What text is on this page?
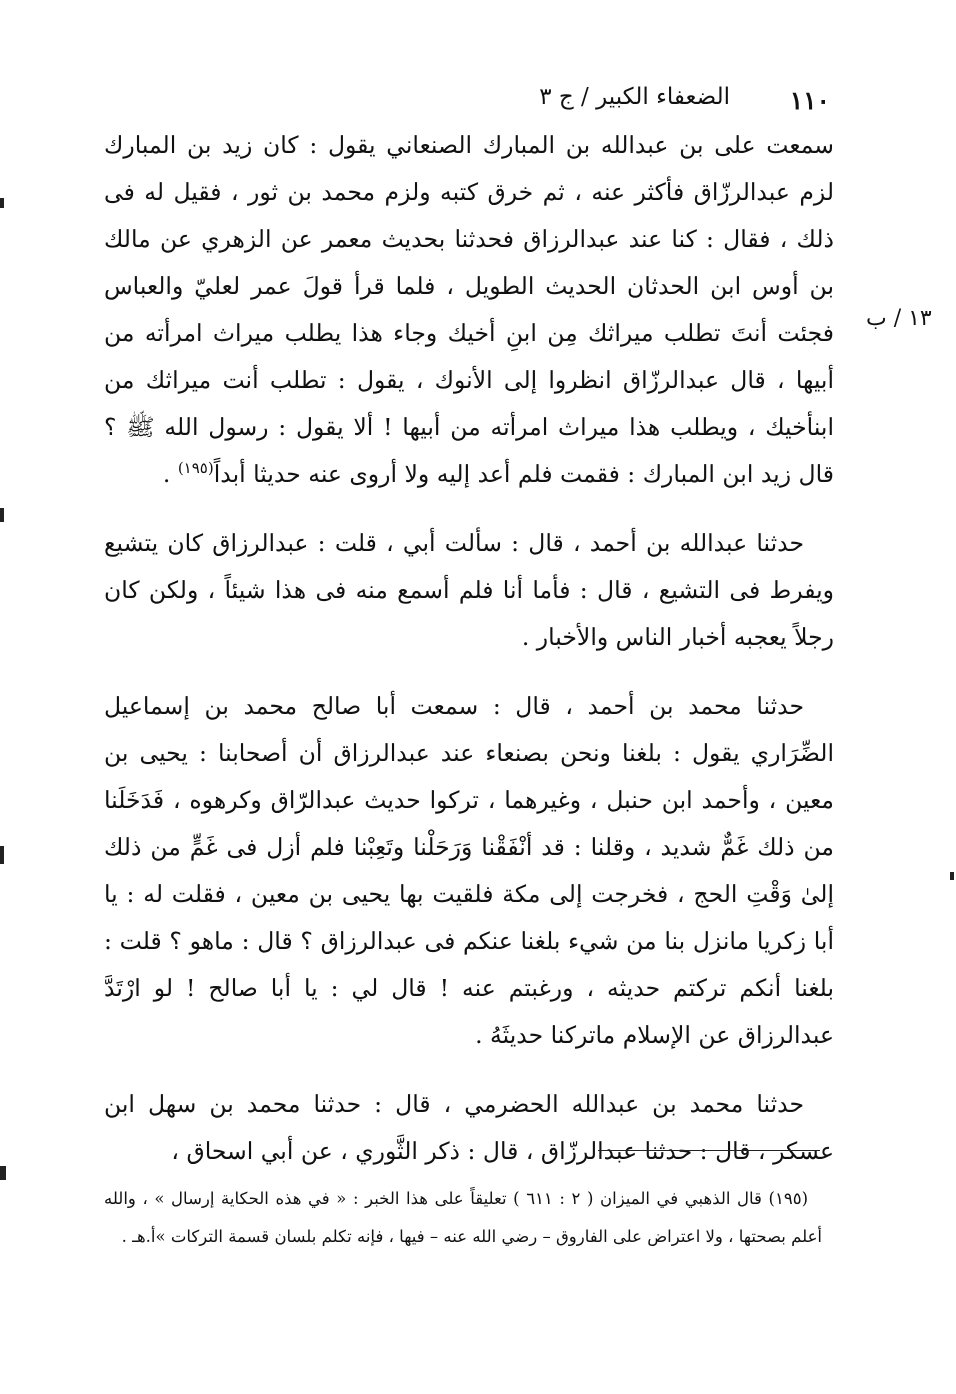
الضعفاء الكبير / ج ٣ ١١٠
١٣ / ب

سمعت على بن عبدالله بن المبارك الصنعاني يقول : كان زيد بن المبارك لزم عبدالرزّاق فأكثر عنه ، ثم خرق كتبه ولزم محمد بن ثور ، فقيل له فى ذلك ، فقال : كنا عند عبدالرزاق فحدثنا بحديث معمر عن الزهري عن مالك بن أوس ابن الحدثان الحديث الطويل ، فلما قرأ قولَ عمر لعليّ والعباس فجئت أنتَ تطلب ميراثك مِن ابنِ أخيك وجاء هذا يطلب ميراث امرأته من أبيها ، قال عبدالرزّاق انظروا إلى الأنوك ، يقول : تطلب أنت ميراثك من ابنأخيك ، ويطلب هذا ميراث امرأته من أبيها ! ألا يقول : رسول الله ﷺ ؟ قال زيد ابن المبارك : فقمت فلم أعد إليه ولا أروى عنه حديثا أبداً$^{(١٩٥)}$ .

حدثنا عبدالله بن أحمد ، قال : سألت أبي ، قلت : عبدالرزاق كان يتشيع ويفرط فى التشيع ، قال : فأما أنا فلم أسمع منه فى هذا شيئاً ، ولكن كان رجلاً يعجبه أخبار الناس والأخبار .

حدثنا محمد بن أحمد ، قال : سمعت أبا صالح محمد بن إسماعيل الضِّرَاري يقول : بلغنا ونحن بصنعاء عند عبدالرزاق أن أصحابنا : يحيى بن معين ، وأحمد ابن حنبل ، وغيرهما ، تركوا حديث عبدالرّاق وكرهوه ، فَدَخَلَنا من ذلك غَمٌّ شديد ، وقلنا : قد أنْفَقْنا وَرَحَلْنا وتَعِبْنا فلم أزل فى غَمٍّ من ذلك إلىٰ وَقْتِ الحج ، فخرجت إلى مكة فلقيت بها يحيى بن معين ، فقلت له : يا أبا زكريا مانزل بنا من شيء بلغنا عنكم فى عبدالرزاق ؟ قال : ماهو ؟ قلت : بلغنا أنكم تركتم حديثه ، ورغبتم عنه ! قال لي : يا أبا صالح ! لو ارْتَدَّ عبدالرزاق عن الإسلام ماتركنا حديثَهُ .

حدثنا محمد بن عبدالله الحضرمي ، قال : حدثنا محمد بن سهل ابن عسكر ، قال : حدثنا عبدالرزّاق ، قال : ذكر الثَّوري ، عن أبي اسحاق ،

(١٩٥) قال الذهبي في الميزان ( ٢ : ٦١١ ) تعليقاً على هذا الخبر : « في هذه الحكاية إرسال » ، والله أعلم بصحتها ، ولا اعتراض على الفاروق – رضي الله عنه – فيها ، فإنه تكلم بلسان قسمة التركات »أ.هـ .
